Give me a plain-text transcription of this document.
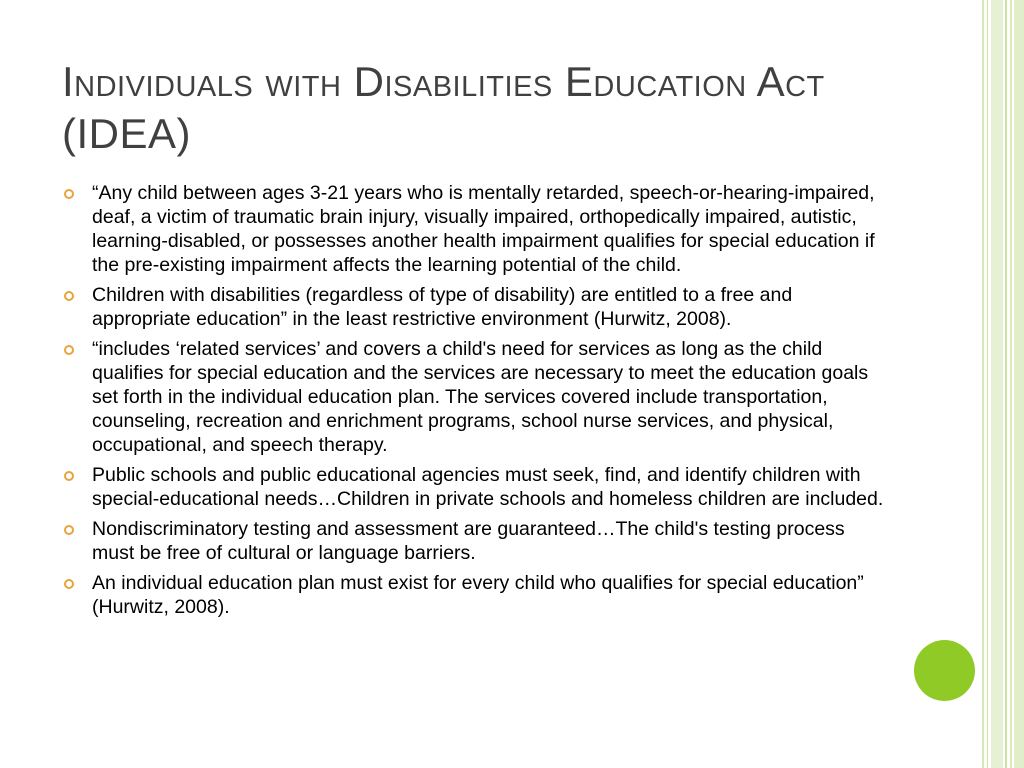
Individuals with Disabilities Education Act (IDEA)
“Any child between ages 3-21 years who is mentally retarded, speech-or-hearing-impaired, deaf, a victim of traumatic brain injury, visually impaired, orthopedically impaired, autistic, learning-disabled, or possesses another health impairment qualifies for special education if the pre-existing impairment affects the learning potential of the child.
Children with disabilities (regardless of type of disability) are entitled to a free and appropriate education” in the least restrictive environment (Hurwitz, 2008).
“includes ‘related services’ and covers a child's need for services as long as the child qualifies for special education and the services are necessary to meet the education goals set forth in the individual education plan. The services covered include transportation, counseling, recreation and enrichment programs, school nurse services, and physical, occupational, and speech therapy.
Public schools and public educational agencies must seek, find, and identify children with special-educational needs…Children in private schools and homeless children are included.
Nondiscriminatory testing and assessment are guaranteed…The child's testing process must be free of cultural or language barriers.
An individual education plan must exist for every child who qualifies for special education” (Hurwitz, 2008).
